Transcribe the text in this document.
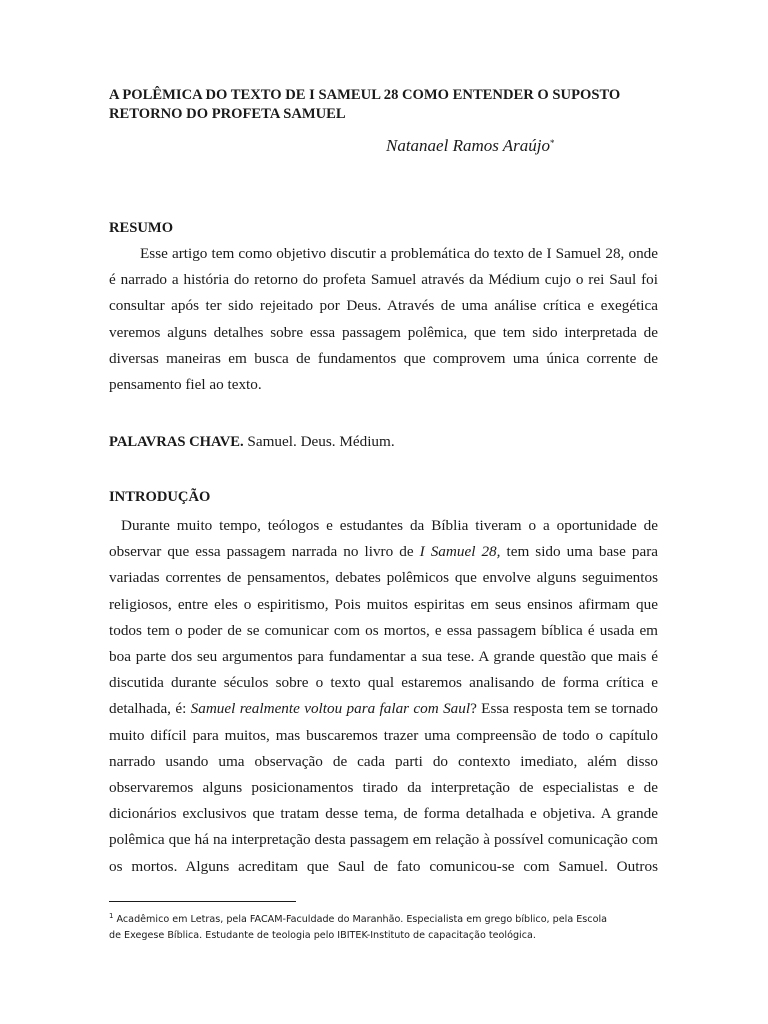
A POLÊMICA DO TEXTO DE I SAMEUL 28 COMO ENTENDER O SUPOSTO
RETORNO DO PROFETA SAMUEL

Natanael Ramos Araújo*

RESUMO
Esse artigo tem como objetivo discutir a problemática do texto de I Samuel 28, onde
é narrado a história do retorno do profeta Samuel através da Médium cujo o rei Saul foi
consultar após ter sido rejeitado por Deus. Através de uma análise crítica e exegética
veremos alguns detalhes sobre essa passagem polêmica, que tem sido interpretada de
diversas maneiras em busca de fundamentos que comprovem uma única corrente de
pensamento fiel ao texto.

PALAVRAS CHAVE. Samuel. Deus. Médium.

INTRODUÇÃO
Durante muito tempo, teólogos e estudantes da Bíblia tiveram o a oportunidade de
observar que essa passagem narrada no livro de I Samuel 28, tem sido uma base para
variadas correntes de pensamentos, debates polêmicos que envolve alguns seguimentos
religiosos, entre eles o espiritismo, Pois muitos espiritas em seus ensinos afirmam que
todos tem o poder de se comunicar com os mortos, e essa passagem bíblica é usada em
boa parte dos seu argumentos para fundamentar a sua tese. A grande questão que mais é
discutida durante séculos sobre o texto qual estaremos analisando de forma crítica e
detalhada, é: Samuel realmente voltou para falar com Saul? Essa resposta tem se tornado
muito difícil para muitos, mas buscaremos trazer uma compreensão de todo o capítulo
narrado usando uma observação de cada parti do contexto imediato, além disso
observaremos alguns posicionamentos tirado da interpretação de especialistas e de
dicionários exclusivos que tratam desse tema, de forma detalhada e objetiva. A grande
polêmica que há na interpretação desta passagem em relação à possível comunicação com
os mortos. Alguns acreditam que Saul de fato comunicou-se com Samuel. Outros

$^1$ Acadêmico em Letras, pela FACAM-Faculdade do Maranhão. Especialista em grego bíblico, pela Escola
de Exegese Bíblica. Estudante de teologia pelo IBITEK-Instituto de capacitação teológica.
